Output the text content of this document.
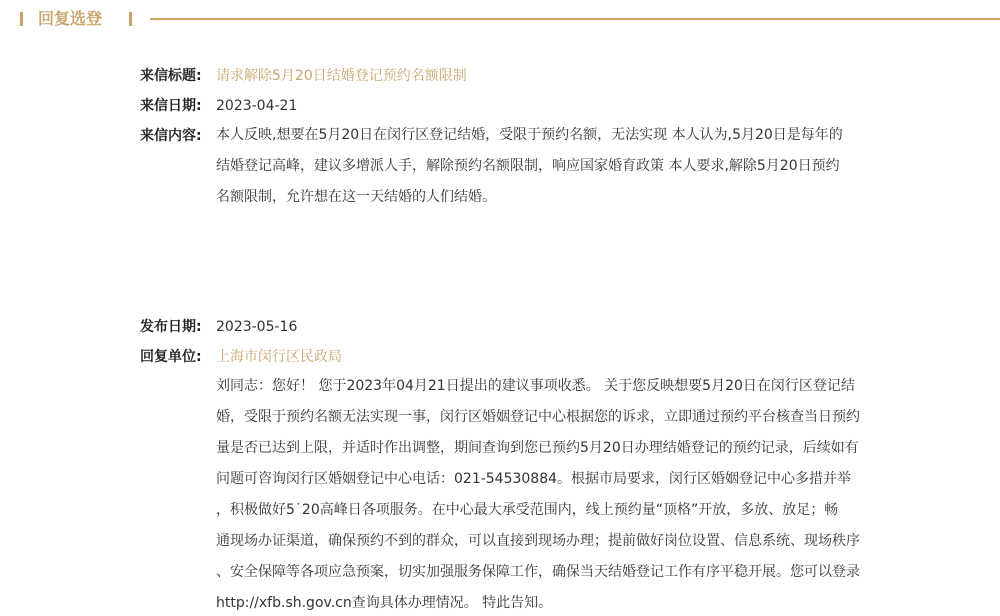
回复选登
来信标题:	请求解除5月20日结婚登记预约名额限制
来信日期:	2023-04-21
来信内容:	本人反映,想要在5月20日在闵行区登记结婚，受限于预约名额，无法实现 本人认为,5月20日是每年的
结婚登记高峰，建议多增派人手，解除预约名额限制，响应国家婚育政策 本人要求,解除5月20日预约
名额限制，允许想在这一天结婚的人们结婚。
发布日期:	2023-05-16
回复单位:	上海市闵行区民政局
刘同志：您好！ 您于2023年04月21日提出的建议事项收悉。 关于您反映想要5月20日在闵行区登记结
婚，受限于预约名额无法实现一事，闵行区婚姻登记中心根据您的诉求，立即通过预约平台核查当日预约
量是否已达到上限，并适时作出调整，期间查询到您已预约5月20日办理结婚登记的预约记录，后续如有
问题可咨询闵行区婚姻登记中心电话：021-54530884。根据市局要求，闵行区婚姻登记中心多措并举
，积极做好5˙20高峰日各项服务。在中心最大承受范围内，线上预约量“顶格”开放，多放、放足；畅
通现场办证渠道，确保预约不到的群众，可以直接到现场办理；提前做好岗位设置、信息系统、现场秩序
、安全保障等各项应急预案，切实加强服务保障工作，确保当天结婚登记工作有序平稳开展。您可以登录
http://xfb.sh.gov.cn查询具体办理情况。 特此告知。
